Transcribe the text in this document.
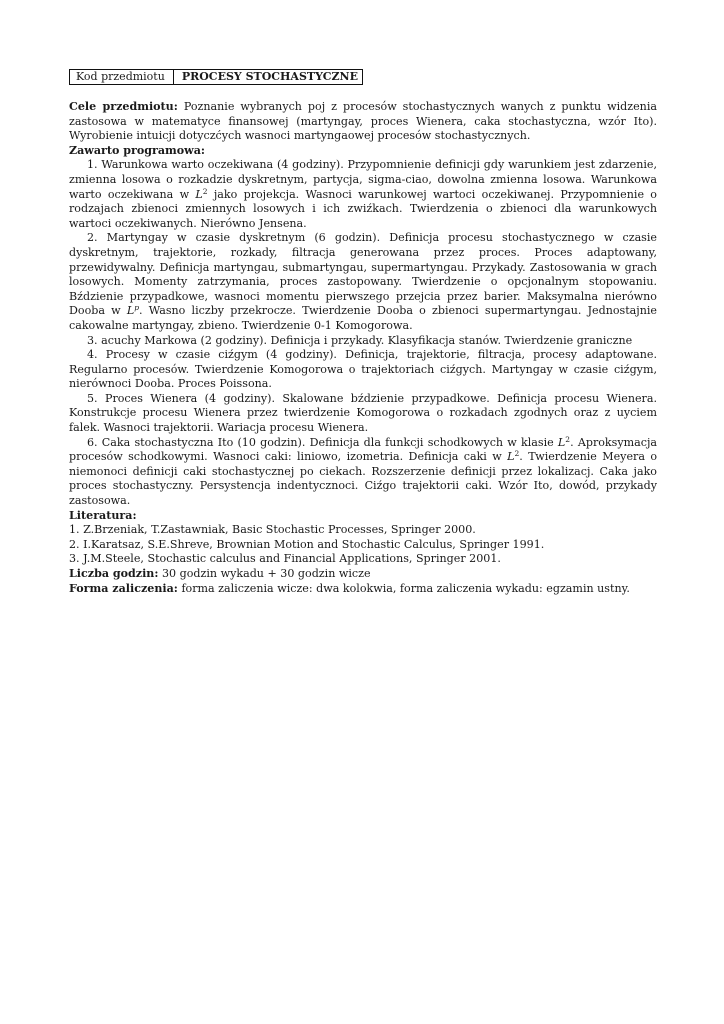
Kod przedmiotu	PROCESY STOCHASTYCZNE

Cele przedmiotu: Poznanie wybranych poj z procesów stochastycznych wanych z punktu widzenia zastosowa w matematyce finansowej (martyngay, proces Wienera, caka stochastyczna, wzór Ito). Wyrobienie intuicji dotyczćych wasnoci martyngaowej procesów stochastycznych.

Zawarto programowa:

1. Warunkowa warto oczekiwana (4 godziny). Przypomnienie definicji gdy warunkiem jest zdarzenie, zmienna losowa o rozkadzie dyskretnym, partycja, sigma-ciao, dowolna zmienna losowa. Warunkowa warto oczekiwana w $L^2$ jako projekcja. Wasnoci warunkowej wartoci oczekiwanej. Przypomnienie o rodzajach zbienoci zmiennych losowych i ich zwiźkach. Twierdzenia o zbienoci dla warunkowych wartoci oczekiwanych. Nierówno Jensena.

2. Martyngay w czasie dyskretnym (6 godzin). Definicja procesu stochastycznego w czasie dyskretnym, trajektorie, rozkady, filtracja generowana przez proces. Proces adaptowany, przewidywalny. Definicja martyngau, submartyngau, supermartyngau. Przykady. Zastosowania w grach losowych. Momenty zatrzymania, proces zastopowany. Twierdzenie o opcjonalnym stopowaniu. Bździenie przypadkowe, wasnoci momentu pierwszego przejcia przez barier. Maksymalna nierówno Dooba w $L^p$. Wasno liczby przekrocze. Twierdzenie Dooba o zbienoci supermartyngau. Jednostajnie cakowalne martyngay, zbieno. Twierdzenie 0-1 Komogorowa.

3. acuchy Markowa (2 godziny). Definicja i przykady. Klasyfikacja stanów. Twierdzenie graniczne

4. Procesy w czasie ciźgym (4 godziny). Definicja, trajektorie, filtracja, procesy adaptowane. Regularno procesów. Twierdzenie Komogorowa o trajektoriach ciźgych. Martyngay w czasie ciźgym, nierównoci Dooba. Proces Poissona.

5. Proces Wienera (4 godziny). Skalowane bździenie przypadkowe. Definicja procesu Wienera. Konstrukcje procesu Wienera przez twierdzenie Komogorowa o rozkadach zgodnych oraz z uyciem falek. Wasnoci trajektorii. Wariacja procesu Wienera.

6. Caka stochastyczna Ito (10 godzin). Definicja dla funkcji schodkowych w klasie $L^2$. Aproksymacja procesów schodkowymi. Wasnoci caki: liniowo, izometria. Definicja caki w $L^2$. Twierdzenie Meyera o niemonoci definicji caki stochastycznej po ciekach. Rozszerzenie definicji przez lokalizacj. Caka jako proces stochastyczny. Persystencja indentycznoci. Ciźgo trajektorii caki. Wzór Ito, dowód, przykady zastosowa.

Literatura:

1. Z.Brzeniak, T.Zastawniak, Basic Stochastic Processes, Springer 2000.

2. I.Karatsaz, S.E.Shreve, Brownian Motion and Stochastic Calculus, Springer 1991.

3. J.M.Steele, Stochastic calculus and Financial Applications, Springer 2001.

Liczba godzin: 30 godzin wykadu + 30 godzin wicze

Forma zaliczenia: forma zaliczenia wicze: dwa kolokwia, forma zaliczenia wykadu: egzamin ustny.
